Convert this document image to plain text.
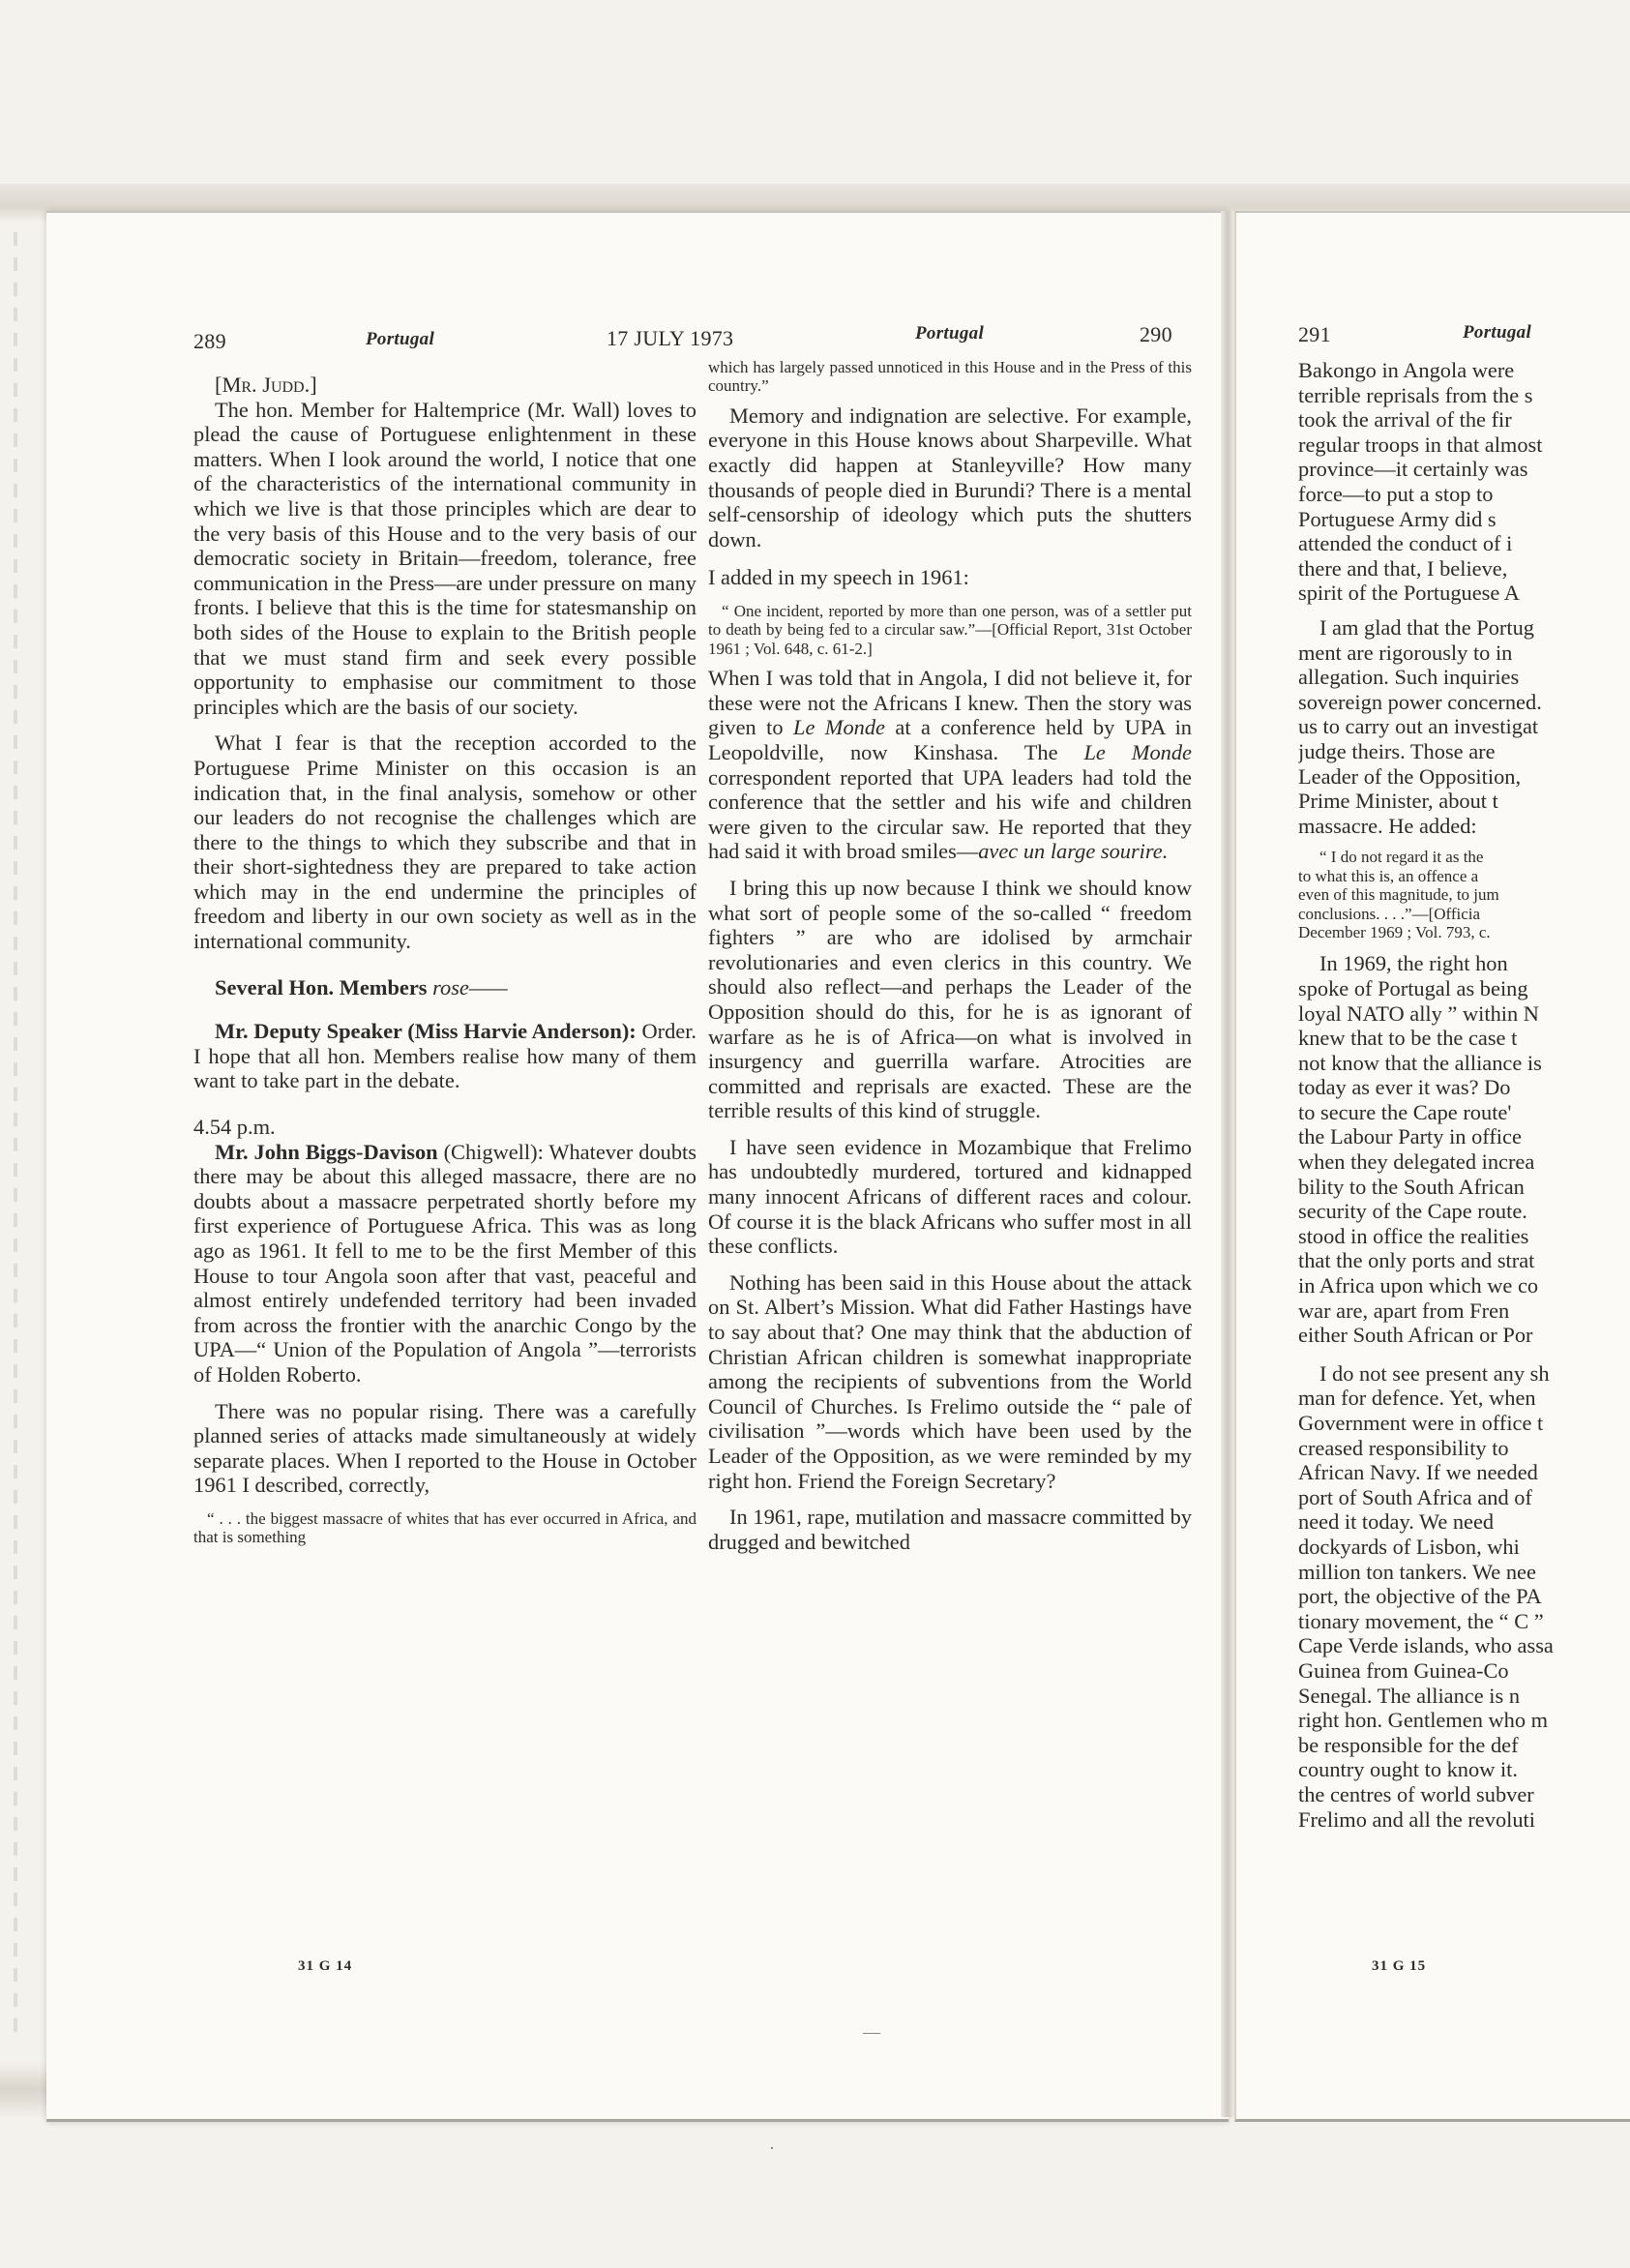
289	Portugal	17 JULY 1973	Portugal	290	291	Portugal

[Mr. Judd.]

The hon. Member for Haltemprice (Mr. Wall) loves to plead the cause of Portuguese enlightenment in these matters. When I look around the world, I notice that one of the characteristics of the international community in which we live is that those principles which are dear to the very basis of this House and to the very basis of our democratic society in Britain—freedom, tolerance, free communication in the Press—are under pressure on many fronts. I believe that this is the time for statesmanship on both sides of the House to explain to the British people that we must stand firm and seek every possible opportunity to emphasise our commitment to those principles which are the basis of our society.

What I fear is that the reception accorded to the Portuguese Prime Minister on this occasion is an indication that, in the final analysis, somehow or other our leaders do not recognise the challenges which are there to the things to which they subscribe and that in their short-sightedness they are prepared to take action which may in the end undermine the principles of freedom and liberty in our own society as well as in the international community.

Several Hon. Members rose——

Mr. Deputy Speaker (Miss Harvie Anderson): Order. I hope that all hon. Members realise how many of them want to take part in the debate.

4.54 p.m.

Mr. John Biggs-Davison (Chigwell): Whatever doubts there may be about this alleged massacre, there are no doubts about a massacre perpetrated shortly before my first experience of Portuguese Africa. This was as long ago as 1961. It fell to me to be the first Member of this House to tour Angola soon after that vast, peaceful and almost entirely undefended territory had been invaded from across the frontier with the anarchic Congo by the UPA—“ Union of the Population of Angola ”—terrorists of Holden Roberto.

There was no popular rising. There was a carefully planned series of attacks made simultaneously at widely separate places. When I reported to the House in October 1961 I described, correctly,

“ . . . the biggest massacre of whites that has ever occurred in Africa, and that is something

31 G 14

which has largely passed unnoticed in this House and in the Press of this country.”

Memory and indignation are selective. For example, everyone in this House knows about Sharpeville. What exactly did happen at Stanleyville? How many thousands of people died in Burundi? There is a mental self-censorship of ideology which puts the shutters down.

I added in my speech in 1961:

“ One incident, reported by more than one person, was of a settler put to death by being fed to a circular saw.”—[Official Report, 31st October 1961 ; Vol. 648, c. 61-2.]

When I was told that in Angola, I did not believe it, for these were not the Africans I knew. Then the story was given to Le Monde at a conference held by UPA in Leopoldville, now Kinshasa. The Le Monde correspondent reported that UPA leaders had told the conference that the settler and his wife and children were given to the circular saw. He reported that they had said it with broad smiles—avec un large sourire.

I bring this up now because I think we should know what sort of people some of the so-called “ freedom fighters ” are who are idolised by armchair revolutionaries and even clerics in this country. We should also reflect—and perhaps the Leader of the Opposition should do this, for he is as ignorant of warfare as he is of Africa—on what is involved in insurgency and guerrilla warfare. Atrocities are committed and reprisals are exacted. These are the terrible results of this kind of struggle.

I have seen evidence in Mozambique that Frelimo has undoubtedly murdered, tortured and kidnapped many innocent Africans of different races and colour. Of course it is the black Africans who suffer most in all these conflicts.

Nothing has been said in this House about the attack on St. Albert’s Mission. What did Father Hastings have to say about that? One may think that the abduction of Christian African children is somewhat inappropriate among the recipients of subventions from the World Council of Churches. Is Frelimo outside the “ pale of civilisation ”—words which have been used by the Leader of the Opposition, as we were reminded by my right hon. Friend the Foreign Secretary?

In 1961, rape, mutilation and massacre committed by drugged and bewitched

Bakongo in Angola were

terrible reprisals from the s

took the arrival of the fir

regular troops in that almost

province—it certainly was

force—to put a stop to

Portuguese Army did s

attended the conduct of i

there and that, I believe,

spirit of the Portuguese A

I am glad that the Portug

ment are rigorously to in

allegation. Such inquiries

sovereign power concerned.

us to carry out an investigat

judge theirs. Those are

Leader of the Opposition,

Prime Minister, about t

massacre. He added:

“ I do not regard it as the

to what this is, an offence a

even of this magnitude, to jum

conclusions. . . .”—[Officia

December 1969 ; Vol. 793, c.

In 1969, the right hon

spoke of Portugal as being

loyal NATO ally ” within N

knew that to be the case t

not know that the alliance is

today as ever it was? Do

to secure the Cape route'

the Labour Party in office

when they delegated increa

bility to the South African

security of the Cape route.

stood in office the realities

that the only ports and strat

in Africa upon which we co

war are, apart from Fren

either South African or Por

I do not see present any sh

man for defence. Yet, when

Government were in office t

creased responsibility to

African Navy. If we needed

port of South Africa and of

need it today. We need

dockyards of Lisbon, whi

million ton tankers. We nee

port, the objective of the PA

tionary movement, the “ C ”

Cape Verde islands, who assa

Guinea from Guinea-Co

Senegal. The alliance is n

right hon. Gentlemen who m

be responsible for the def

country ought to know it.

the centres of world subver

Frelimo and all the revoluti

31 G 15
—
·
